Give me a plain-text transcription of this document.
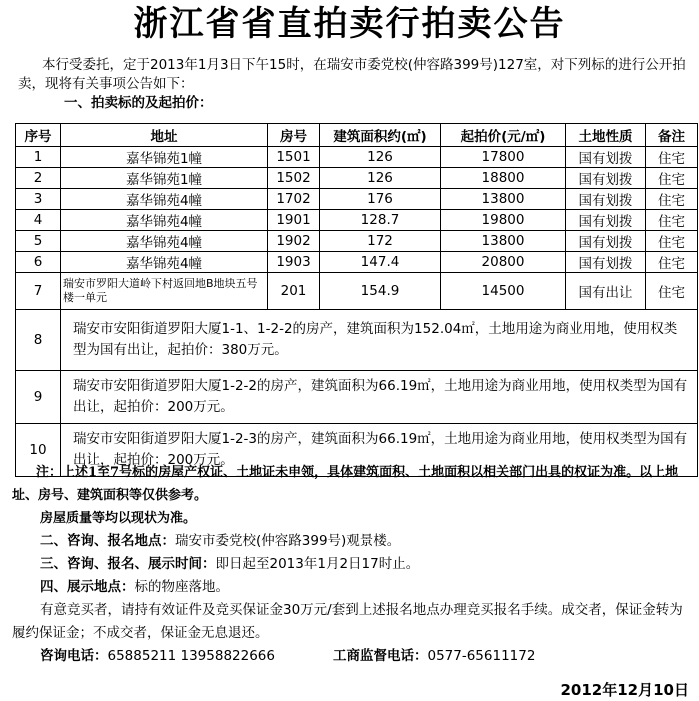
浙江省省直拍卖行拍卖公告

本行受委托，定于2013年1月3日下午15时，在瑞安市委党校(仲容路399号)127室，对下列标的进行公开拍卖，现将有关事项公告如下：

一、拍卖标的及起拍价：
序号	地址	房号	建筑面积约(㎡)	起拍价(元/㎡)	土地性质	备注
1	嘉华锦苑1幢	1501	126	17800	国有划拨	住宅
2	嘉华锦苑1幢	1502	126	18800	国有划拨	住宅
3	嘉华锦苑4幢	1702	176	13800	国有划拨	住宅
4	嘉华锦苑4幢	1901	128.7	19800	国有划拨	住宅
5	嘉华锦苑4幢	1902	172	13800	国有划拨	住宅
6	嘉华锦苑4幢	1903	147.4	20800	国有划拨	住宅
7	瑞安市罗阳大道岭下村返回地B地块五号楼一单元	201	154.9	14500	国有出让	住宅
8	瑞安市安阳街道罗阳大厦1-1、1-2-2的房产，建筑面积为152.04㎡，土地用途为商业用地，使用权类型为国有出让，起拍价：380万元。					
9	瑞安市安阳街道罗阳大厦1-2-2的房产，建筑面积为66.19㎡，土地用途为商业用地，使用权类型为国有出让，起拍价：200万元。					
10	瑞安市安阳街道罗阳大厦1-2-3的房产，建筑面积为66.19㎡，土地用途为商业用地，使用权类型为国有出让，起拍价：200万元。					

注：上述1至7号标的房屋产权证、土地证未申领，具体建筑面积、土地面积以相关部门出具的权证为准。以上地址、房号、建筑面积等仅供参考。

房屋质量等均以现状为准。

二、咨询、报名地点：瑞安市委党校(仲容路399号)观景楼。

三、咨询、报名、展示时间：即日起至2013年1月2日17时止。

四、展示地点：标的物座落地。

有意竞买者，请持有效证件及竞买保证金30万元/套到上述报名地点办理竞买报名手续。成交者，保证金转为履约保证金；不成交者，保证金无息退还。

咨询电话：65885211 13958822666	工商监督电话：0577-65611172

2012年12月10日
